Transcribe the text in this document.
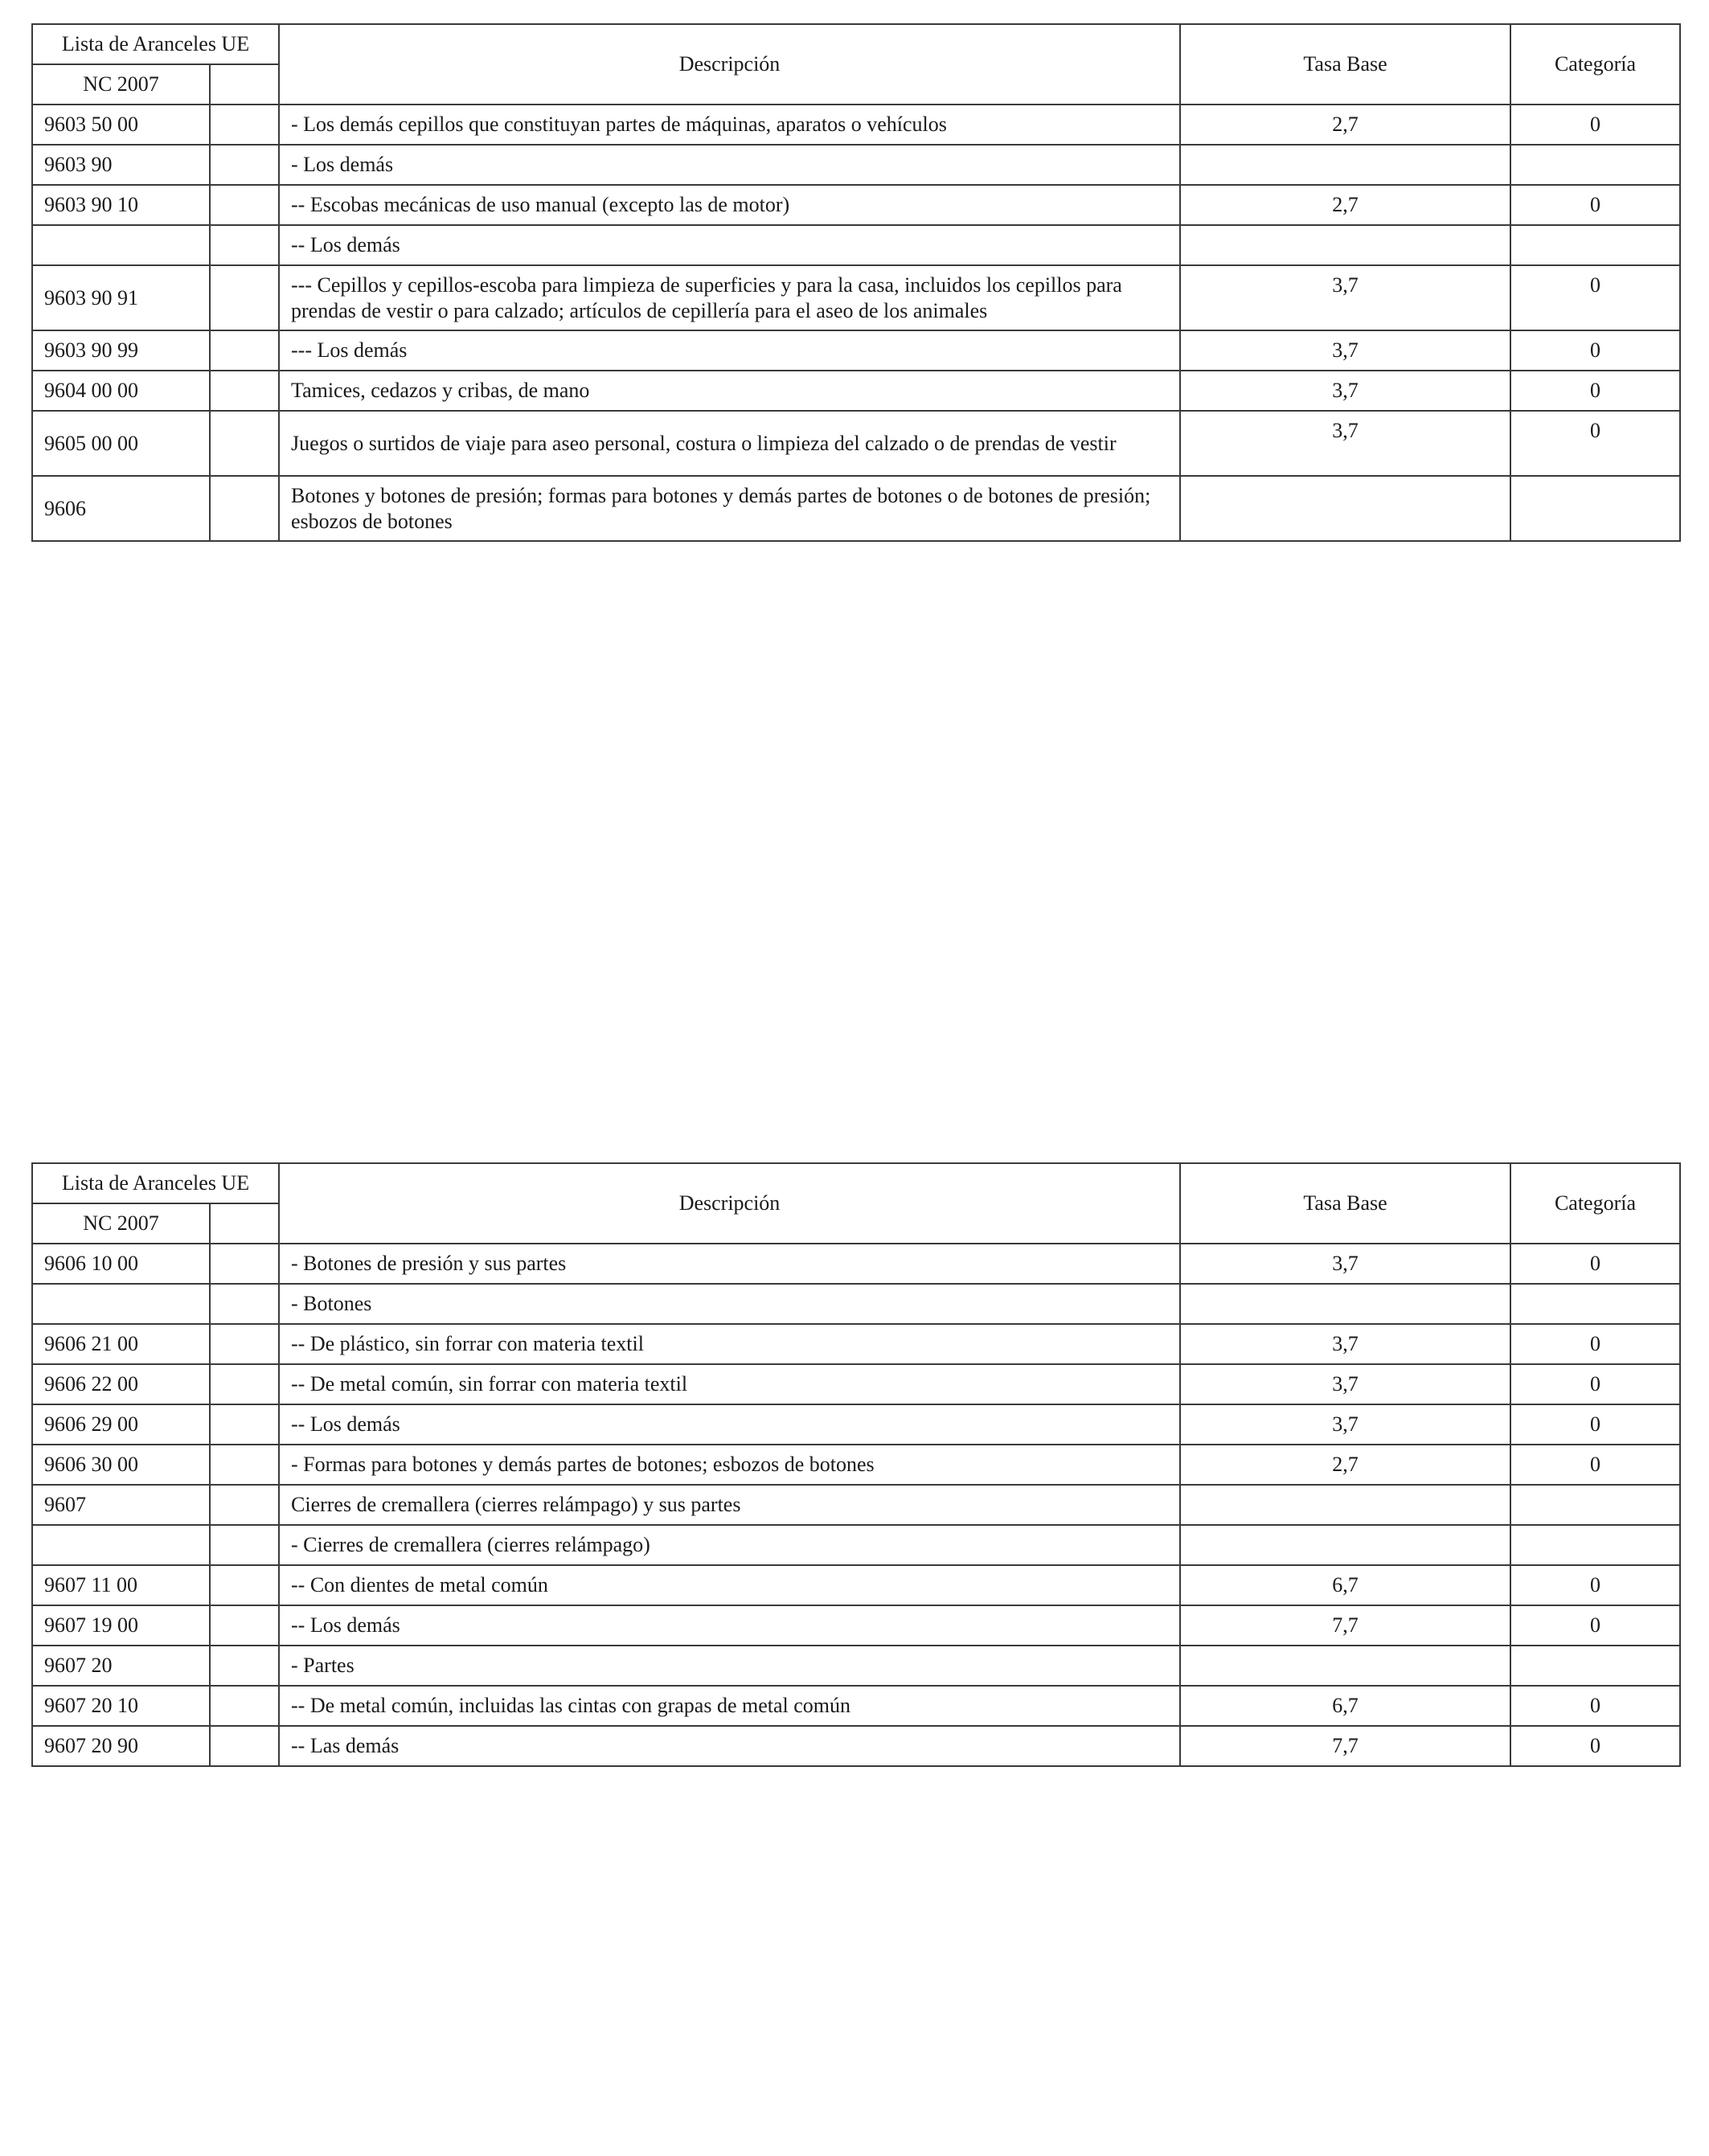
Lista de Aranceles UE		Descripción	Tasa Base	Categoría
NC 2007				
9603 50 00		- Los demás cepillos que constituyan partes de máquinas, aparatos o vehículos	2,7	0
9603 90		- Los demás		
9603 90 10		-- Escobas mecánicas de uso manual (excepto las de motor)	2,7	0
		-- Los demás		
9603 90 91		--- Cepillos y cepillos-escoba para limpieza de superficies y para la casa, incluidos los cepillos para prendas de vestir o para calzado; artículos de cepillería para el aseo de los animales	3,7	0
9603 90 99		--- Los demás	3,7	0
9604 00 00		Tamices, cedazos y cribas, de mano	3,7	0
9605 00 00		Juegos o surtidos de viaje para aseo personal, costura o limpieza del calzado o de prendas de vestir	3,7	0
9606		Botones y botones de presión; formas para botones y demás partes de botones o de botones de presión; esbozos de botones		
Lista de Aranceles UE		Descripción	Tasa Base	Categoría
NC 2007				
9606 10 00		- Botones de presión y sus partes	3,7	0
		- Botones		
9606 21 00		-- De plástico, sin forrar con materia textil	3,7	0
9606 22 00		-- De metal común, sin forrar con materia textil	3,7	0
9606 29 00		-- Los demás	3,7	0
9606 30 00		- Formas para botones y demás partes de botones; esbozos de botones	2,7	0
9607		Cierres de cremallera (cierres relámpago) y sus partes		
		- Cierres de cremallera (cierres relámpago)		
9607 11 00		-- Con dientes de metal común	6,7	0
9607 19 00		-- Los demás	7,7	0
9607 20		- Partes		
9607 20 10		-- De metal común, incluidas las cintas con grapas de metal común	6,7	0
9607 20 90		-- Las demás	7,7	0
